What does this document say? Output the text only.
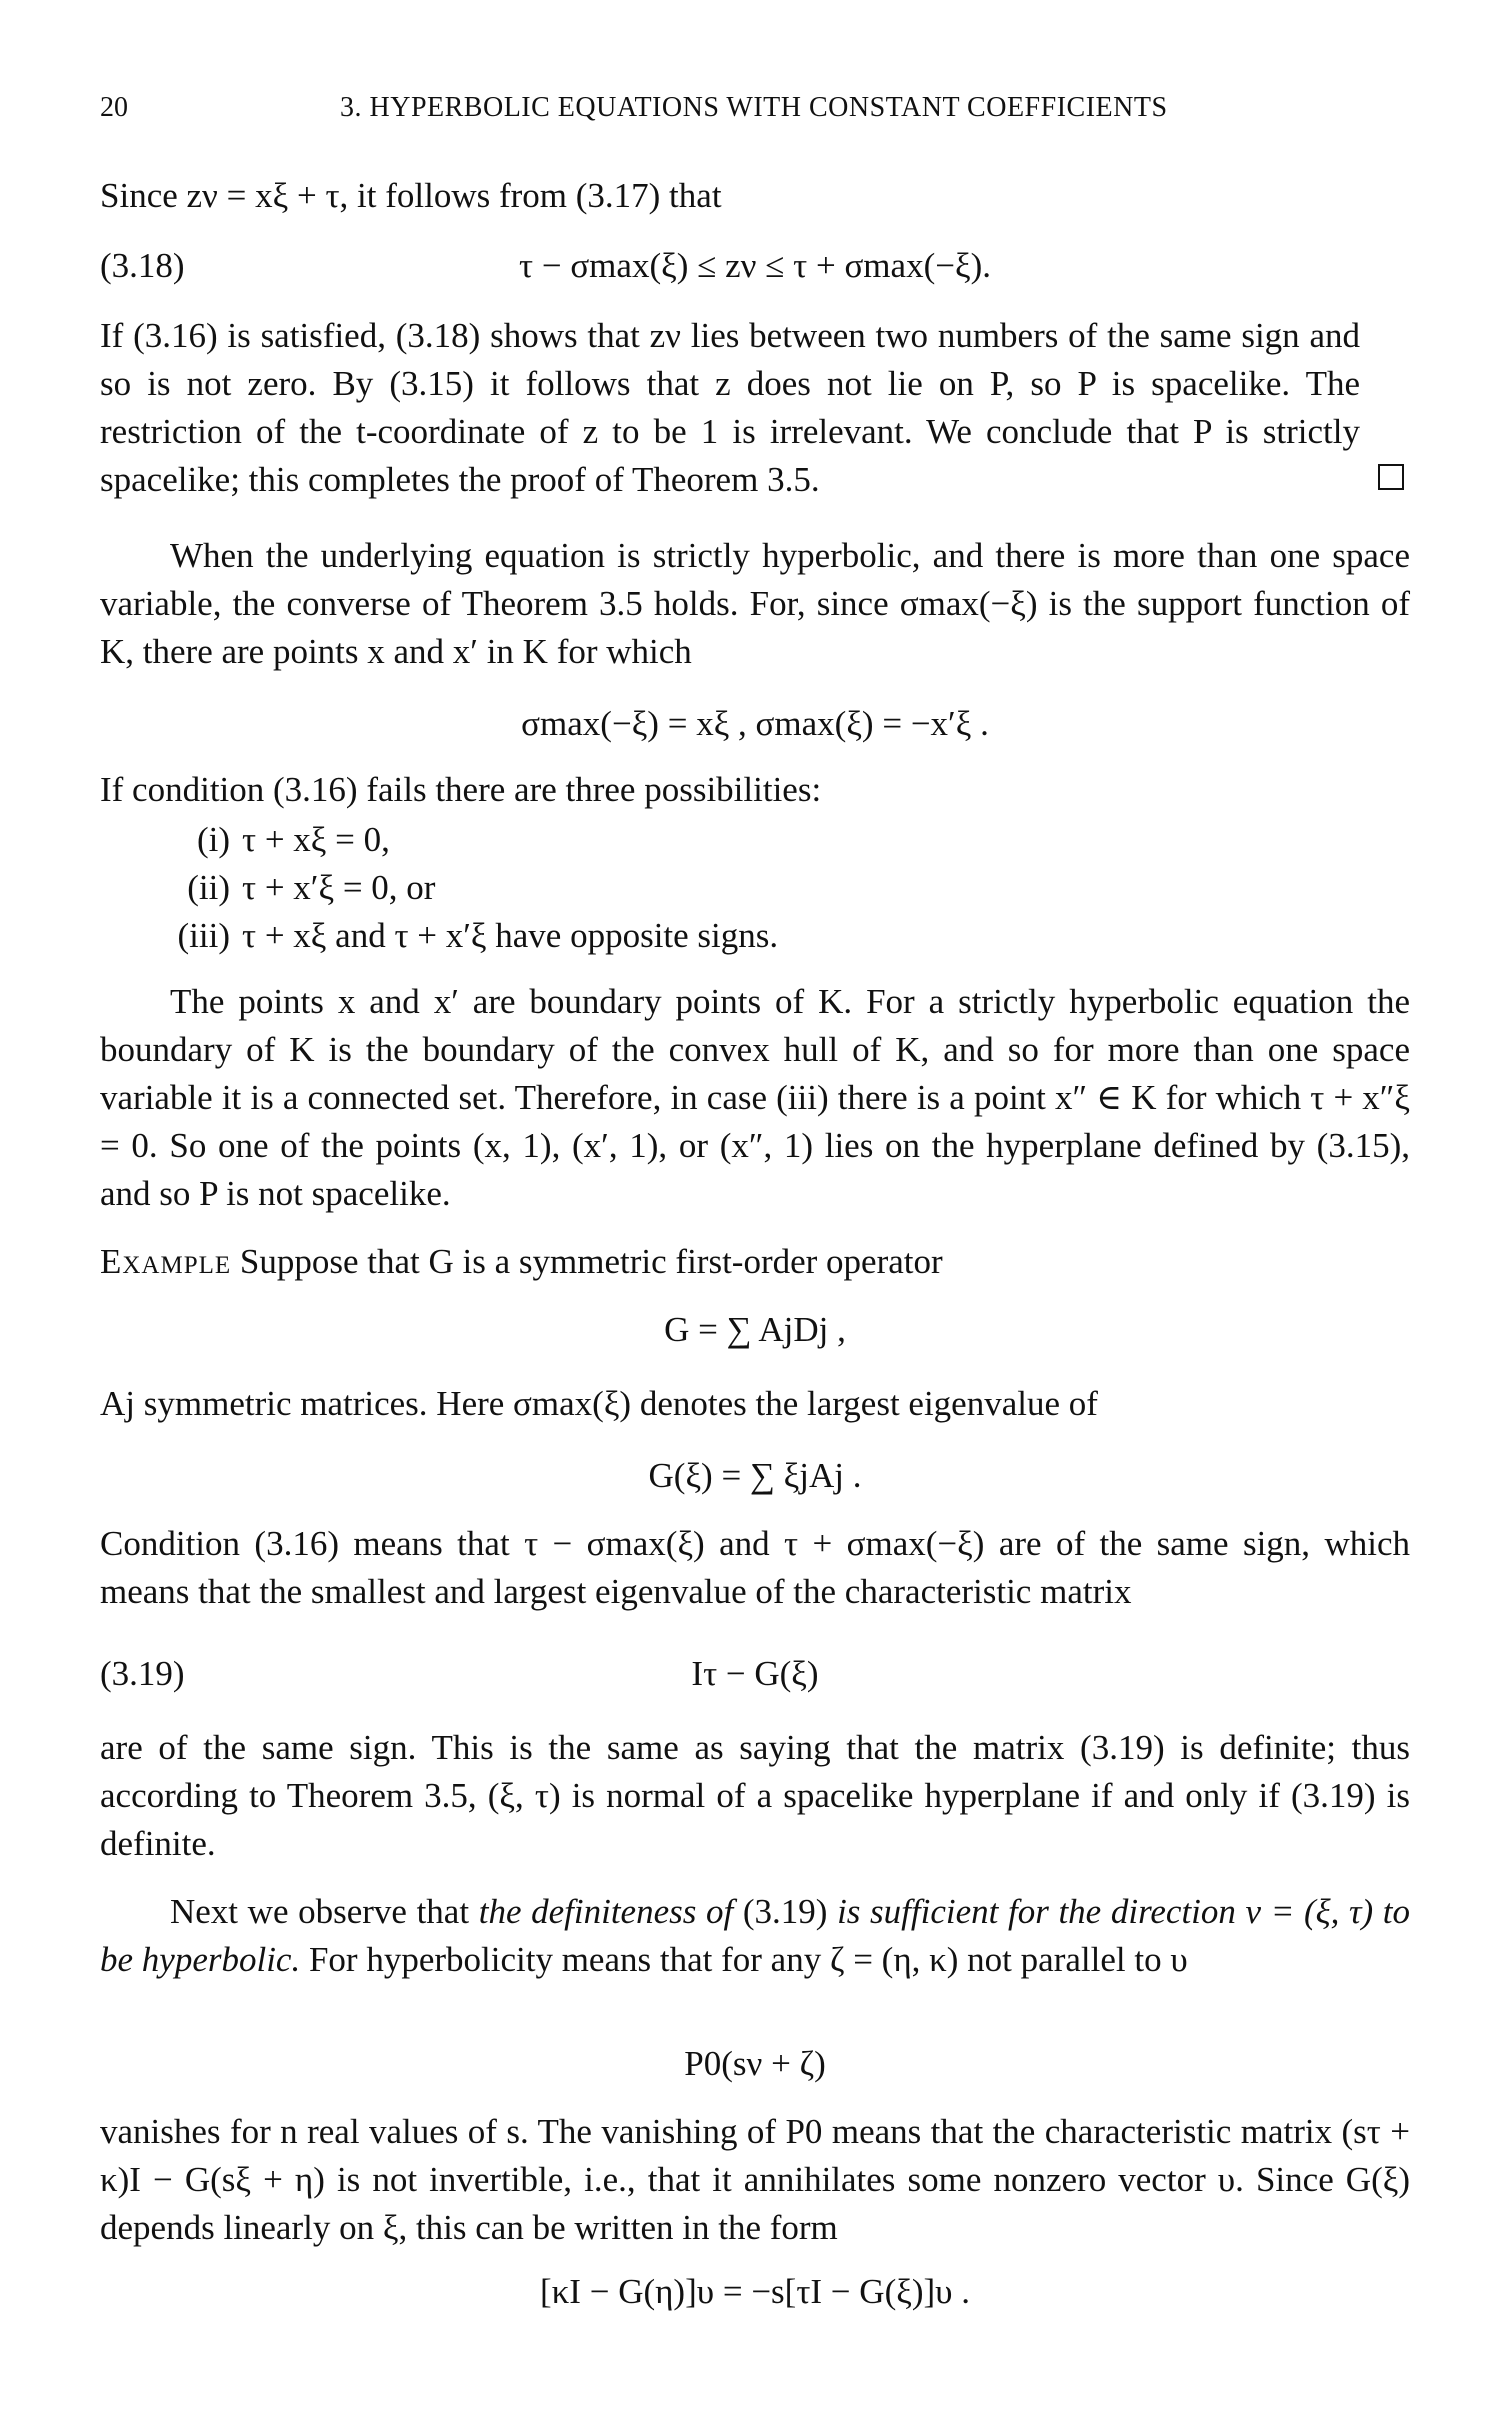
20	3. HYPERBOLIC EQUATIONS WITH CONSTANT COEFFICIENTS
Since zν = xξ + τ, it follows from (3.17) that
(3.18)	τ − σmax(ξ) ≤ zν ≤ τ + σmax(−ξ).
If (3.16) is satisfied, (3.18) shows that zν lies between two numbers of the same sign and so is not zero. By (3.15) it follows that z does not lie on P, so P is spacelike. The restriction of the t-coordinate of z to be 1 is irrelevant. We conclude that P is strictly spacelike; this completes the proof of Theorem 3.5.
When the underlying equation is strictly hyperbolic, and there is more than one space variable, the converse of Theorem 3.5 holds. For, since σmax(−ξ) is the support function of K, there are points x and x′ in K for which
σmax(−ξ) = xξ , σmax(ξ) = −x′ξ .
If condition (3.16) fails there are three possibilities:
(i) τ + xξ = 0,
(ii) τ + x′ξ = 0, or
(iii) τ + xξ and τ + x′ξ have opposite signs.
The points x and x′ are boundary points of K. For a strictly hyperbolic equation the boundary of K is the boundary of the convex hull of K, and so for more than one space variable it is a connected set. Therefore, in case (iii) there is a point x″ ∈ K for which τ + x″ξ = 0. So one of the points (x, 1), (x′, 1), or (x″, 1) lies on the hyperplane defined by (3.15), and so P is not spacelike.
Example Suppose that G is a symmetric first-order operator
G = ∑ AjDj ,
Aj symmetric matrices. Here σmax(ξ) denotes the largest eigenvalue of
G(ξ) = ∑ ξjAj .
Condition (3.16) means that τ − σmax(ξ) and τ + σmax(−ξ) are of the same sign, which means that the smallest and largest eigenvalue of the characteristic matrix
(3.19)	Iτ − G(ξ)
are of the same sign. This is the same as saying that the matrix (3.19) is definite; thus according to Theorem 3.5, (ξ, τ) is normal of a spacelike hyperplane if and only if (3.19) is definite.
Next we observe that the definiteness of (3.19) is sufficient for the direction ν = (ξ, τ) to be hyperbolic. For hyperbolicity means that for any ζ = (η, κ) not parallel to υ
P0(sν + ζ)
vanishes for n real values of s. The vanishing of P0 means that the characteristic matrix (sτ + κ)I − G(sξ + η) is not invertible, i.e., that it annihilates some nonzero vector υ. Since G(ξ) depends linearly on ξ, this can be written in the form
[κI − G(η)]υ = −s[τI − G(ξ)]υ .
